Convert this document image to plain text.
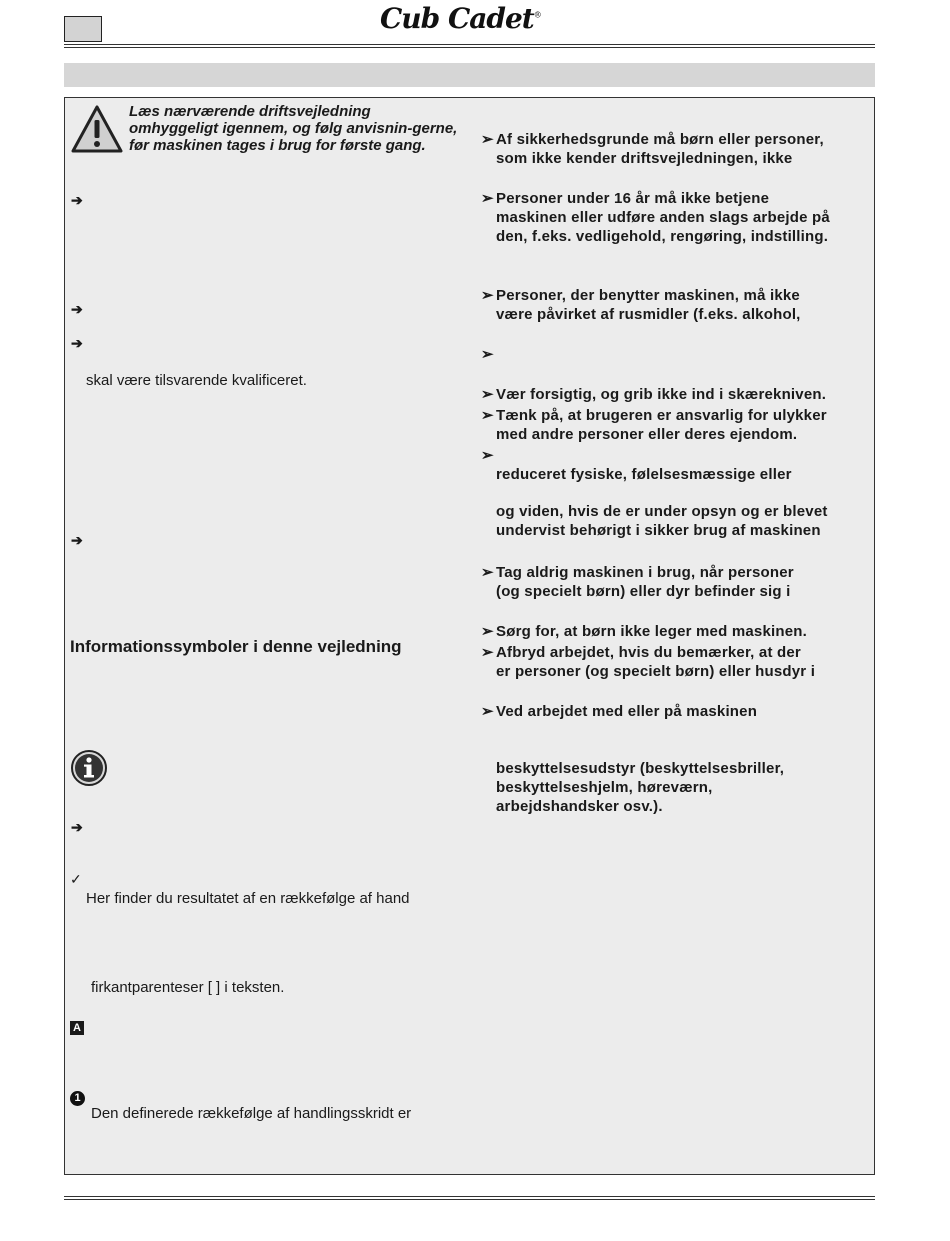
Cub Cadet®
Læs nærværende driftsvejledning omhyggeligt igennem, og følg anvisnin-gerne, før maskinen tages i brug for første gang.
➔
➔
➔
skal være tilsvarende kvalificeret.
➔
Informationssymboler i denne vejledning
➔
✓
Her finder du resultatet af en rækkefølge af hand
firkantparenteser [ ] i teksten.
A
1
Den definerede rækkefølge af handlingsskridt er
➢ Af sikkerhedsgrunde må børn eller personer,
som ikke kender driftsvejledningen, ikke
➢ Personer under 16 år må ikke betjene
maskinen eller udføre anden slags arbejde på
den, f.eks. vedligehold, rengøring, indstilling.
➢ Personer, der benytter maskinen, må ikke
være påvirket af rusmidler (f.eks. alkohol,
➢
➢ Vær forsigtig, og grib ikke ind i skærekniven.
➢ Tænk på, at brugeren er ansvarlig for ulykker
med andre personer eller deres ejendom.
➢
reduceret fysiske, følelsesmæssige eller
og viden, hvis de er under opsyn og er blevet
undervist behørigt i sikker brug af maskinen
➢ Tag aldrig maskinen i brug, når personer
(og specielt børn) eller dyr befinder sig i
➢ Sørg for, at børn ikke leger med maskinen.
➢ Afbryd arbejdet, hvis du bemærker, at der
er personer (og specielt børn) eller husdyr i
➢ Ved arbejdet med eller på maskinen
beskyttelsesudstyr (beskyttelsesbriller,
beskyttelseshjelm, høreværn,
arbejdshandsker osv.).
